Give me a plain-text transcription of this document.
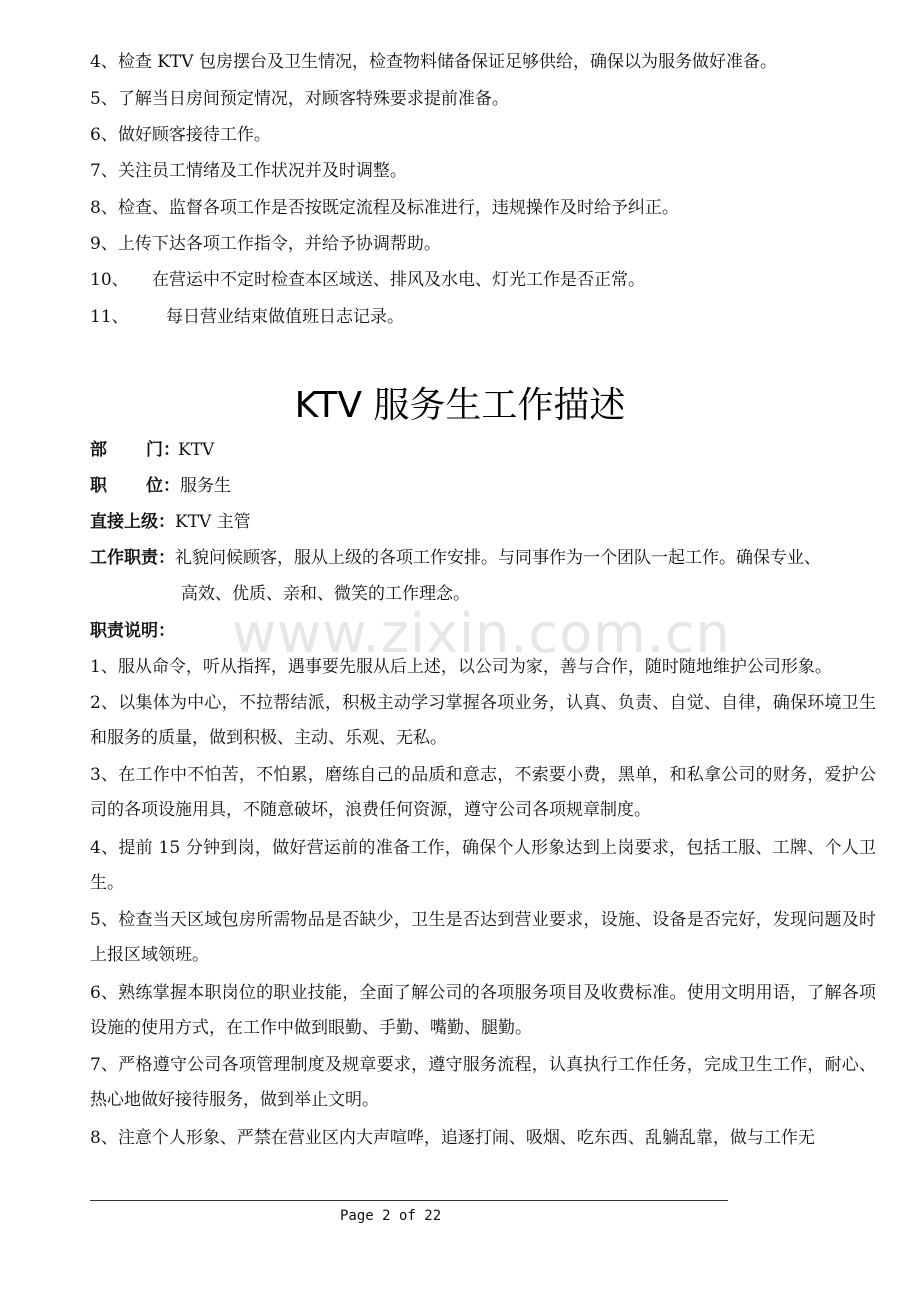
www.zixin.com.cn
4、检查 KTV 包房摆台及卫生情况，检查物料储备保证足够供给，确保以为服务做好准备。
5、了解当日房间预定情况，对顾客特殊要求提前准备。
6、做好顾客接待工作。
7、关注员工情绪及工作状况并及时调整。
8、检查、监督各项工作是否按既定流程及标准进行，违规操作及时给予纠正。
9、上传下达各项工作指令，并给予协调帮助。
10、 在营运中不定时检查本区域送、排风及水电、灯光工作是否正常。
11、 每日营业结束做值班日志记录。
KTV 服务生工作描述
部 门：KTV
职 位：服务生
直接上级：KTV 主管
工作职责：礼貌问候顾客，服从上级的各项工作安排。与同事作为一个团队一起工作。确保专业、
高效、优质、亲和、微笑的工作理念。
职责说明：
1、服从命令，听从指挥，遇事要先服从后上述，以公司为家，善与合作，随时随地维护公司形象。
2、以集体为中心，不拉帮结派，积极主动学习掌握各项业务，认真、负责、自觉、自律，确保环境卫生和服务的质量，做到积极、主动、乐观、无私。
3、在工作中不怕苦，不怕累，磨练自己的品质和意志，不索要小费，黑单，和私拿公司的财务，爱护公司的各项设施用具，不随意破坏，浪费任何资源，遵守公司各项规章制度。
4、提前 15 分钟到岗，做好营运前的准备工作，确保个人形象达到上岗要求，包括工服、工牌、个人卫生。
5、检查当天区域包房所需物品是否缺少，卫生是否达到营业要求，设施、设备是否完好，发现问题及时上报区域领班。
6、熟练掌握本职岗位的职业技能，全面了解公司的各项服务项目及收费标准。使用文明用语，了解各项设施的使用方式，在工作中做到眼勤、手勤、嘴勤、腿勤。
7、严格遵守公司各项管理制度及规章要求，遵守服务流程，认真执行工作任务，完成卫生工作，耐心、热心地做好接待服务，做到举止文明。
8、注意个人形象、严禁在营业区内大声喧哗，追逐打闹、吸烟、吃东西、乱躺乱靠，做与工作无
Page 2 of 22
